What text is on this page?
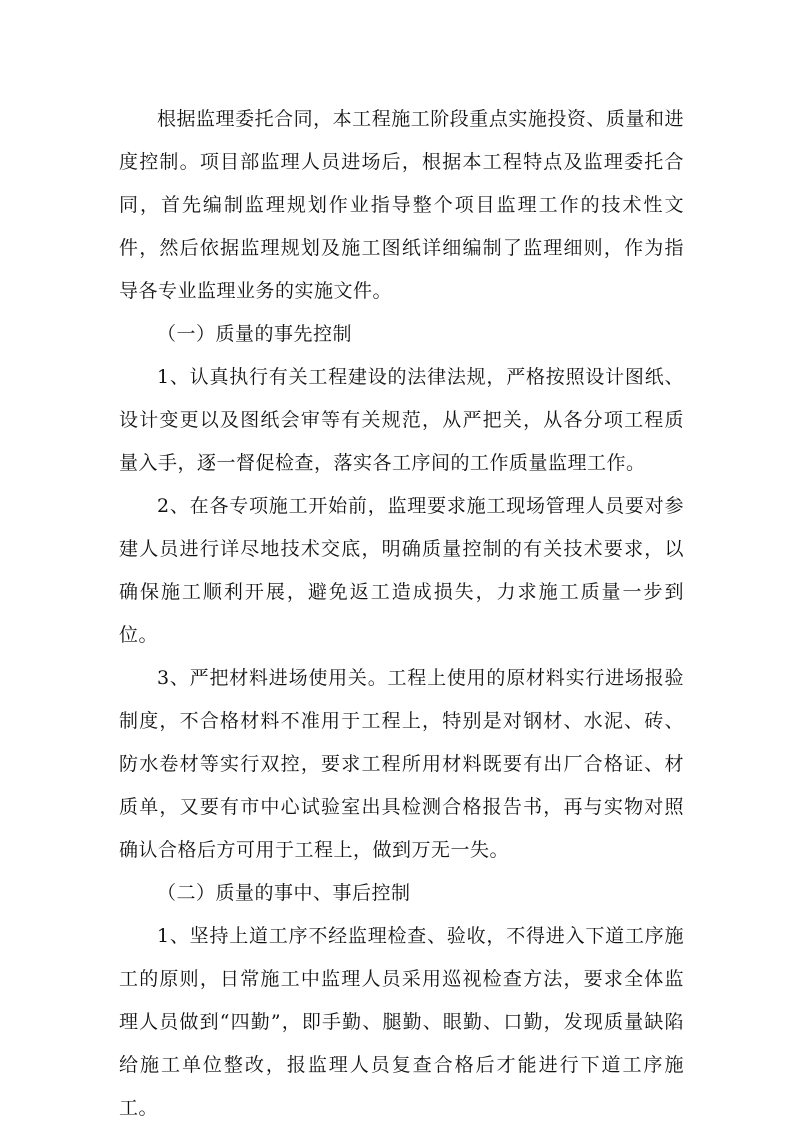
根据监理委托合同，本工程施工阶段重点实施投资、质量和进度控制。项目部监理人员进场后，根据本工程特点及监理委托合同，首先编制监理规划作业指导整个项目监理工作的技术性文件，然后依据监理规划及施工图纸详细编制了监理细则，作为指导各专业监理业务的实施文件。

（一）质量的事先控制

1、认真执行有关工程建设的法律法规，严格按照设计图纸、设计变更以及图纸会审等有关规范，从严把关，从各分项工程质量入手，逐一督促检查，落实各工序间的工作质量监理工作。

2、在各专项施工开始前，监理要求施工现场管理人员要对参建人员进行详尽地技术交底，明确质量控制的有关技术要求，以确保施工顺利开展，避免返工造成损失，力求施工质量一步到位。

3、严把材料进场使用关。工程上使用的原材料实行进场报验制度，不合格材料不准用于工程上，特别是对钢材、水泥、砖、防水卷材等实行双控，要求工程所用材料既要有出厂合格证、材质单，又要有市中心试验室出具检测合格报告书，再与实物对照确认合格后方可用于工程上，做到万无一失。

（二）质量的事中、事后控制

1、坚持上道工序不经监理检查、验收，不得进入下道工序施工的原则，日常施工中监理人员采用巡视检查方法，要求全体监理人员做到“四勤”，即手勤、腿勤、眼勤、口勤，发现质量缺陷给施工单位整改，报监理人员复查合格后才能进行下道工序施工。
